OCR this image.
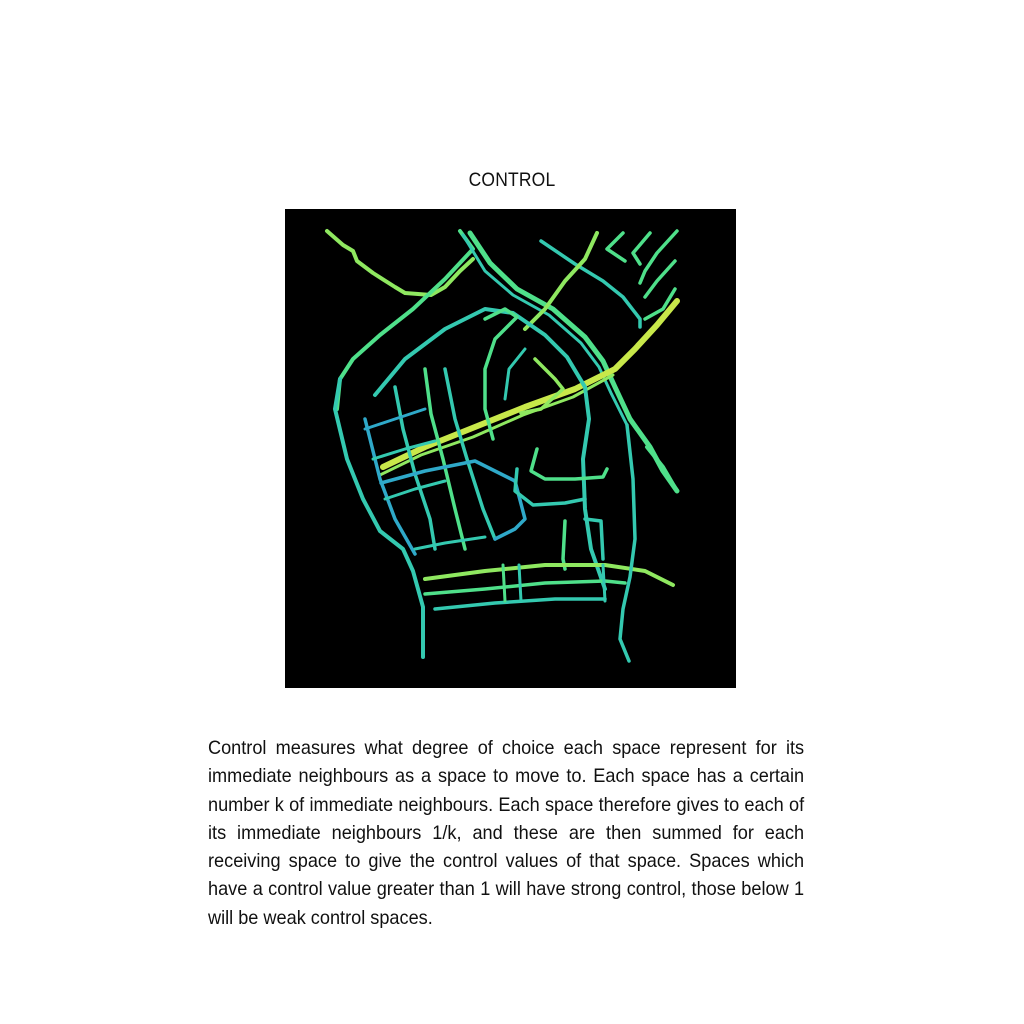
CONTROL
Control measures what degree of choice each space represent for its immediate neighbours as a space to move to. Each space has a certain number k of immediate neighbours. Each space therefore gives to each of its immediate neighbours 1/k, and these are then summed for each receiving space to give the control values of that space. Spaces which have a control value greater than 1 will have strong control, those below 1 will be weak control spaces.
